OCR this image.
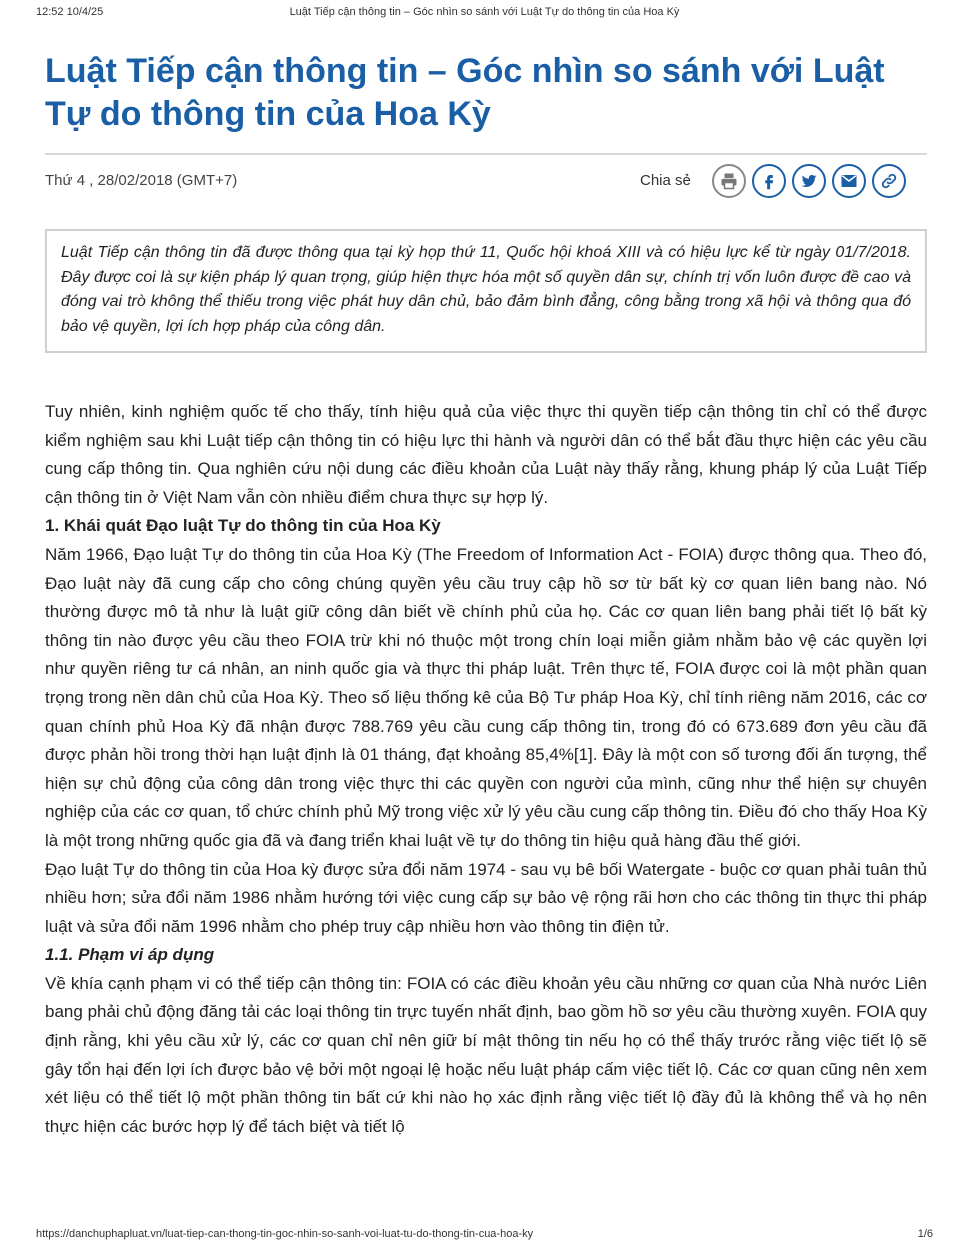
12:52 10/4/25	Luật Tiếp cận thông tin – Góc nhìn so sánh với Luật Tự do thông tin của Hoa Kỳ
Luật Tiếp cận thông tin – Góc nhìn so sánh với Luật Tự do thông tin của Hoa Kỳ
Thứ 4 , 28/02/2018 (GMT+7)	Chia sẻ
Luật Tiếp cận thông tin đã được thông qua tại kỳ họp thứ 11, Quốc hội khoá XIII và có hiệu lực kể từ ngày 01/7/2018. Đây được coi là sự kiện pháp lý quan trọng, giúp hiện thực hóa một số quyền dân sự, chính trị vốn luôn được đề cao và đóng vai trò không thể thiếu trong việc phát huy dân chủ, bảo đảm bình đẳng, công bằng trong xã hội và thông qua đó bảo vệ quyền, lợi ích hợp pháp của công dân.

Tuy nhiên, kinh nghiệm quốc tế cho thấy, tính hiệu quả của việc thực thi quyền tiếp cận thông tin chỉ có thể được kiểm nghiệm sau khi Luật tiếp cận thông tin có hiệu lực thi hành và người dân có thể bắt đầu thực hiện các yêu cầu cung cấp thông tin. Qua nghiên cứu nội dung các điều khoản của Luật này thấy rằng, khung pháp lý của Luật Tiếp cận thông tin ở Việt Nam vẫn còn nhiều điểm chưa thực sự hợp lý.

1. Khái quát Đạo luật Tự do thông tin của Hoa Kỳ

Năm 1966, Đạo luật Tự do thông tin của Hoa Kỳ (The Freedom of Information Act - FOIA) được thông qua. Theo đó, Đạo luật này đã cung cấp cho công chúng quyền yêu cầu truy cập hồ sơ từ bất kỳ cơ quan liên bang nào. Nó thường được mô tả như là luật giữ công dân biết về chính phủ của họ. Các cơ quan liên bang phải tiết lộ bất kỳ thông tin nào được yêu cầu theo FOIA trừ khi nó thuộc một trong chín loại miễn giảm nhằm bảo vệ các quyền lợi như quyền riêng tư cá nhân, an ninh quốc gia và thực thi pháp luật. Trên thực tế, FOIA được coi là một phần quan trọng trong nền dân chủ của Hoa Kỳ. Theo số liệu thống kê của Bộ Tư pháp Hoa Kỳ, chỉ tính riêng năm 2016, các cơ quan chính phủ Hoa Kỳ đã nhận được 788.769 yêu cầu cung cấp thông tin, trong đó có 673.689 đơn yêu cầu đã được phản hồi trong thời hạn luật định là 01 tháng, đạt khoảng 85,4%[1]. Đây là một con số tương đối ấn tượng, thể hiện sự chủ động của công dân trong việc thực thi các quyền con người của mình, cũng như thể hiện sự chuyên nghiệp của các cơ quan, tổ chức chính phủ Mỹ trong việc xử lý yêu cầu cung cấp thông tin. Điều đó cho thấy Hoa Kỳ là một trong những quốc gia đã và đang triển khai luật về tự do thông tin hiệu quả hàng đầu thế giới.

Đạo luật Tự do thông tin của Hoa kỳ được sửa đổi năm 1974 - sau vụ bê bối Watergate - buộc cơ quan phải tuân thủ nhiều hơn; sửa đổi năm 1986 nhằm hướng tới việc cung cấp sự bảo vệ rộng rãi hơn cho các thông tin thực thi pháp luật và sửa đổi năm 1996 nhằm cho phép truy cập nhiều hơn vào thông tin điện tử.

1.1. Phạm vi áp dụng

Về khía cạnh phạm vi có thể tiếp cận thông tin: FOIA có các điều khoản yêu cầu những cơ quan của Nhà nước Liên bang phải chủ động đăng tải các loại thông tin trực tuyến nhất định, bao gồm hồ sơ yêu cầu thường xuyên. FOIA quy định rằng, khi yêu cầu xử lý, các cơ quan chỉ nên giữ bí mật thông tin nếu họ có thể thấy trước rằng việc tiết lộ sẽ gây tổn hại đến lợi ích được bảo vệ bởi một ngoại lệ hoặc nếu luật pháp cấm việc tiết lộ. Các cơ quan cũng nên xem xét liệu có thể tiết lộ một phần thông tin bất cứ khi nào họ xác định rằng việc tiết lộ đầy đủ là không thể và họ nên thực hiện các bước hợp lý để tách biệt và tiết lộ

https://danchuphapluat.vn/luat-tiep-can-thong-tin-goc-nhin-so-sanh-voi-luat-tu-do-thong-tin-cua-hoa-ky	1/6
